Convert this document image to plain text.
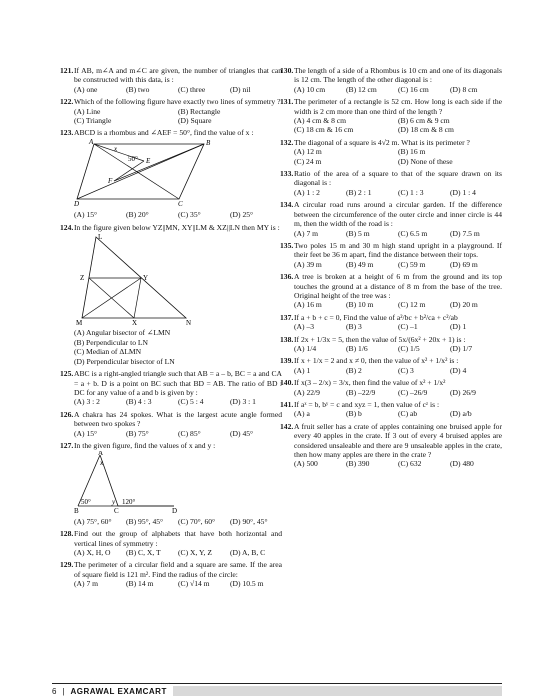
121. If AB, m∠A and m∠C are given, the number of triangles that can be constructed with this data, is :
(A) one	(B) two	(C) three	(D) nil
122. Which of the following figure have exactly two lines of symmetry ?
(A) Line	(B) Rectangle
(C) Triangle	(D) Square
123. ABCD is a rhombus and ∠AEF = 50°, find the value of x :
A	B
C
D
E
F
x
50°
(A) 15°	(B) 20°	(C) 35°	(D) 25°
124. In the figure given below YZ||MN, XY||LM & XZ||LN then MY is :
L
Z	Y
M	X	N
(A) Angular bisector of ∠LMN
(B) Perpendicular to LN
(C) Median of ΔLMN
(D) Perpendicular bisector of LN
125. ABC is a right-angled triangle such that AB = a – b, BC = a and CA = a + b. D is a point on BC such that BD = AB. The ratio of BD : DC for any value of a and b is given by :
(A) 3 : 2	(B) 4 : 3	(C) 5 : 4	(D) 3 : 1
126. A chakra has 24 spokes. What is the largest acute angle formed between two spokes ?
(A) 15°	(B) 75°	(C) 85°	(D) 45°
127. In the given figure, find the values of x and y :
A
B	C	D
x
y
50°	120°
(A) 75°, 60°	(B) 95°, 45°	(C) 70°, 60°	(D) 90°, 45°
128. Find out the group of alphabets that have both horizontal and vertical lines of symmetry :
(A) X, H, O	(B) C, X, T	(C) X, Y, Z	(D) A, B, C
129. The perimeter of a circular field and a square are same. If the area of square field is 121 m². Find the radius of the circle:
(A) 7 m	(B) 14 m	(C) √14 m	(D) 10.5 m
130. The length of a side of a Rhombus is 10 cm and one of its diagonals is 12 cm. The length of the other diagonal is :
(A) 10 cm	(B) 12 cm	(C) 16 cm	(D) 8 cm
131. The perimeter of a rectangle is 52 cm. How long is each side if the width is 2 cm more than one third of the length ?
(A) 4 cm & 8 cm	(B) 6 cm & 9 cm
(C) 18 cm & 16 cm	(D) 18 cm & 8 cm
132. The diagonal of a square is 4√2 m. What is its perimeter ?
(A) 12 m	(B) 16 m
(C) 24 m	(D) None of these
133. Ratio of the area of a square to that of the square drawn on its diagonal is :
(A) 1 : 2	(B) 2 : 1	(C) 1 : 3	(D) 1 : 4
134. A circular road runs around a circular garden. If the difference between the circumference of the outer circle and inner circle is 44 m, then the width of the road is :
(A) 7 m	(B) 5 m	(C) 6.5 m	(D) 7.5 m
135. Two poles 15 m and 30 m high stand upright in a playground. If their feet be 36 m apart, find the distance between their tops.
(A) 39 m	(B) 49 m	(C) 59 m	(D) 69 m
136. A tree is broken at a height of 6 m from the ground and its top touches the ground at a distance of 8 m from the base of the tree. Original height of the tree was :
(A) 16 m	(B) 10 m	(C) 12 m	(D) 20 m
137. If a + b + c = 0, Find the value of a²/bc + b²/ca + c²/ab
(A) –3	(B) 3	(C) –1	(D) 1
138. If 2x + 1/3x = 5, then the value of 5x/(6x² + 20x + 1) is :
(A) 1/4	(B) 1/6	(C) 1/5	(D) 1/7
139. If x + 1/x = 2 and x ≠ 0, then the value of x² + 1/x² is :
(A) 1	(B) 2	(C) 3	(D) 4
140. If x(3 – 2/x) = 3/x, then find the value of x² + 1/x²
(A) 22/9	(B) –22/9	(C) –26/9	(D) 26/9
141. If aˣ = b, bʸ = c and xyz = 1, then value of cᶻ is :
(A) a	(B) b	(C) ab	(D) a/b
142. A fruit seller has a crate of apples containing one bruised apple for every 40 apples in the crate. If 3 out of every 4 bruised apples are considered unsaleable and there are 9 unsaleable apples in the crate, then how many apples are there in the crate ?
(A) 500	(B) 390	(C) 632	(D) 480
6 | AGRAWAL EXAMCART
